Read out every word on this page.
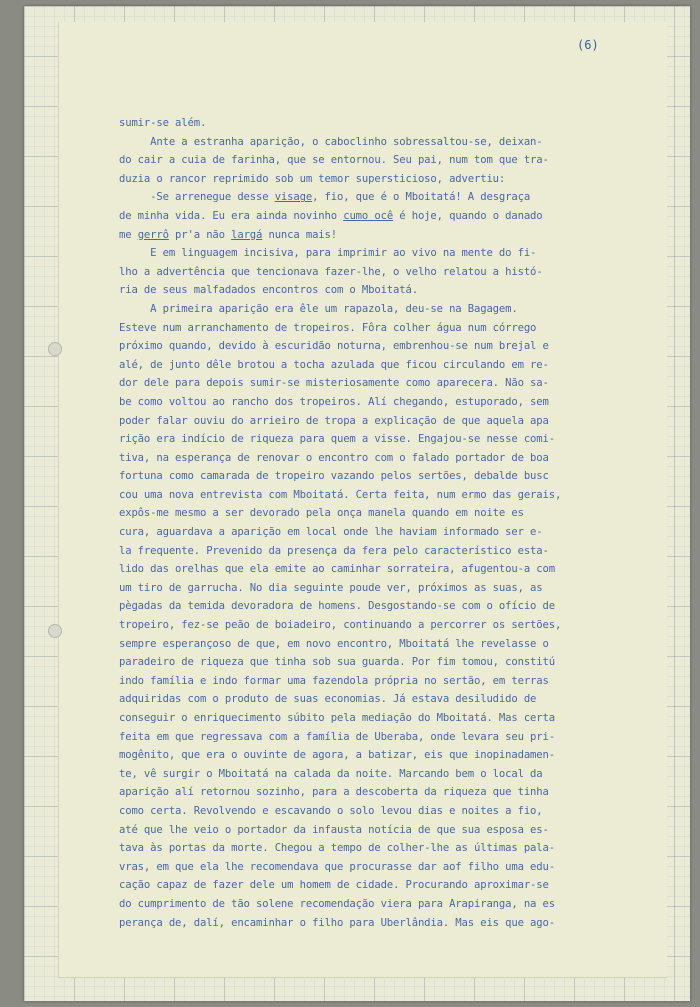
(6)
sumir-se além.
Ante a estranha aparição, o caboclinho sobressaltou-se, deixan-
do cair a cuia de farinha, que se entornou. Seu pai, num tom que tra-
duzia o rancor reprimido sob um temor supersticioso, advertiu:
-Se arrenegue desse visage, fio, que é o Mboitatá! A desgraça
de minha vida. Eu era ainda novinho cumo ocê é hoje, quando o danado
me gerrô pr'a não largá nunca mais!
E em linguagem incisiva, para imprimir ao vivo na mente do fi-
lho a advertência que tencionava fazer-lhe, o velho relatou a histó-
ria de seus malfadados encontros com o Mboitatá.
A primeira aparição era êle um rapazola, deu-se na Bagagem.
Esteve num arranchamento de tropeiros. Fôra colher água num córrego
próximo quando, devido à escuridão noturna, embrenhou-se num brejal e
alé, de junto dêle brotou a tocha azulada que ficou circulando em re-
dor dele para depois sumir-se misteriosamente como aparecera. Não sa-
be como voltou ao rancho dos tropeiros. Alí chegando, estuporado, sem
poder falar ouviu do arrieiro de tropa a explicação de que aquela apa
rição era indício de riqueza para quem a visse. Engajou-se nesse comi-
tiva, na esperança de renovar o encontro com o falado portador de boa
fortuna como camarada de tropeiro vazando pelos sertões, debalde busc
cou uma nova entrevista com Mboitatá. Certa feita, num ermo das gerais,
expôs-me mesmo a ser devorado pela onça manela quando em noite es
cura, aguardava a aparição em local onde lhe haviam informado ser e-
la frequente. Prevenido da presença da fera pelo característico esta-
lido das orelhas que ela emite ao caminhar sorrateira, afugentou-a com
um tiro de garrucha. No dia seguinte poude ver, próximos as suas, as
pègadas da temida devoradora de homens. Desgostando-se com o ofício de
tropeiro, fez-se peão de boiadeiro, continuando a percorrer os sertões,
sempre esperançoso de que, em novo encontro, Mboitatá lhe revelasse o
paradeiro de riqueza que tinha sob sua guarda. Por fim tomou, constitú
indo família e indo formar uma fazendola própria no sertão, em terras
adquiridas com o produto de suas economias. Já estava desiludido de
conseguir o enriquecimento súbito pela mediação do Mboitatá. Mas certa
feita em que regressava com a família de Uberaba, onde levara seu pri-
mogênito, que era o ouvinte de agora, a batizar, eis que inopinadamen-
te, vê surgir o Mboitatá na calada da noite. Marcando bem o local da
aparição alí retornou sozinho, para a descoberta da riqueza que tinha
como certa. Revolvendo e escavando o solo levou dias e noites a fio,
até que lhe veio o portador da infausta notícia de que sua esposa es-
tava às portas da morte. Chegou a tempo de colher-lhe as últimas pala-
vras, em que ela lhe recomendava que procurasse dar aof filho uma edu-
cação capaz de fazer dele um homem de cidade. Procurando aproximar-se
do cumprimento de tão solene recomendação viera para Arapiranga, na es
perança de, dalí, encaminhar o filho para Uberlândia. Mas eis que ago-
